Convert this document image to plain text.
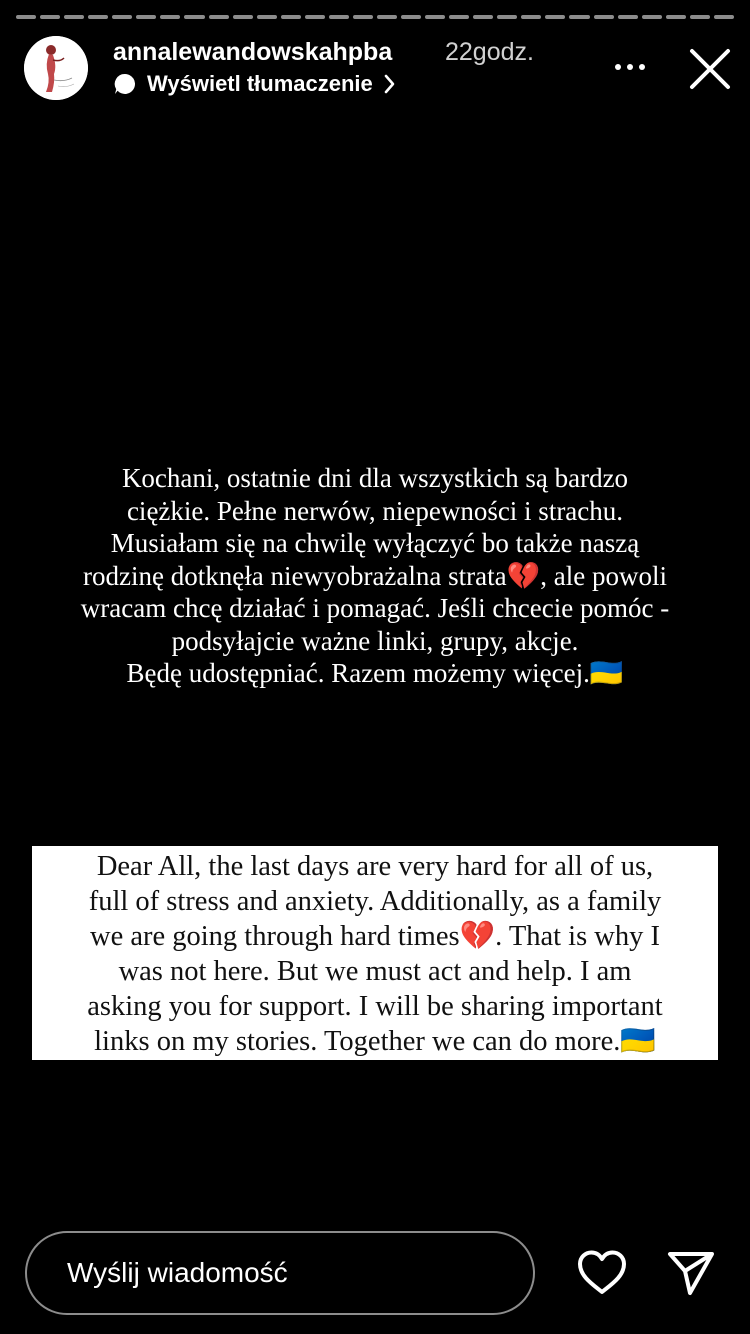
annalewandowskahpba 22godz.
Wyświetl tłumaczenie

Kochani, ostatnie dni dla wszystkich są bardzo

ciężkie. Pełne nerwów, niepewności i strachu.

Musiałam się na chwilę wyłączyć bo także naszą

rodzinę dotknęła niewyobrażalna strata💔, ale powoli

wracam chcę działać i pomagać. Jeśli chcecie pomóc -

podsyłajcie ważne linki, grupy, akcje.

Będę udostępniać. Razem możemy więcej.🇺🇦

Dear All, the last days are very hard for all of us,

full of stress and anxiety. Additionally, as a family

we are going through hard times💔. That is why I

was not here. But we must act and help. I am

asking you for support. I will be sharing important

links on my stories. Together we can do more.🇺🇦

Wyślij wiadomość
